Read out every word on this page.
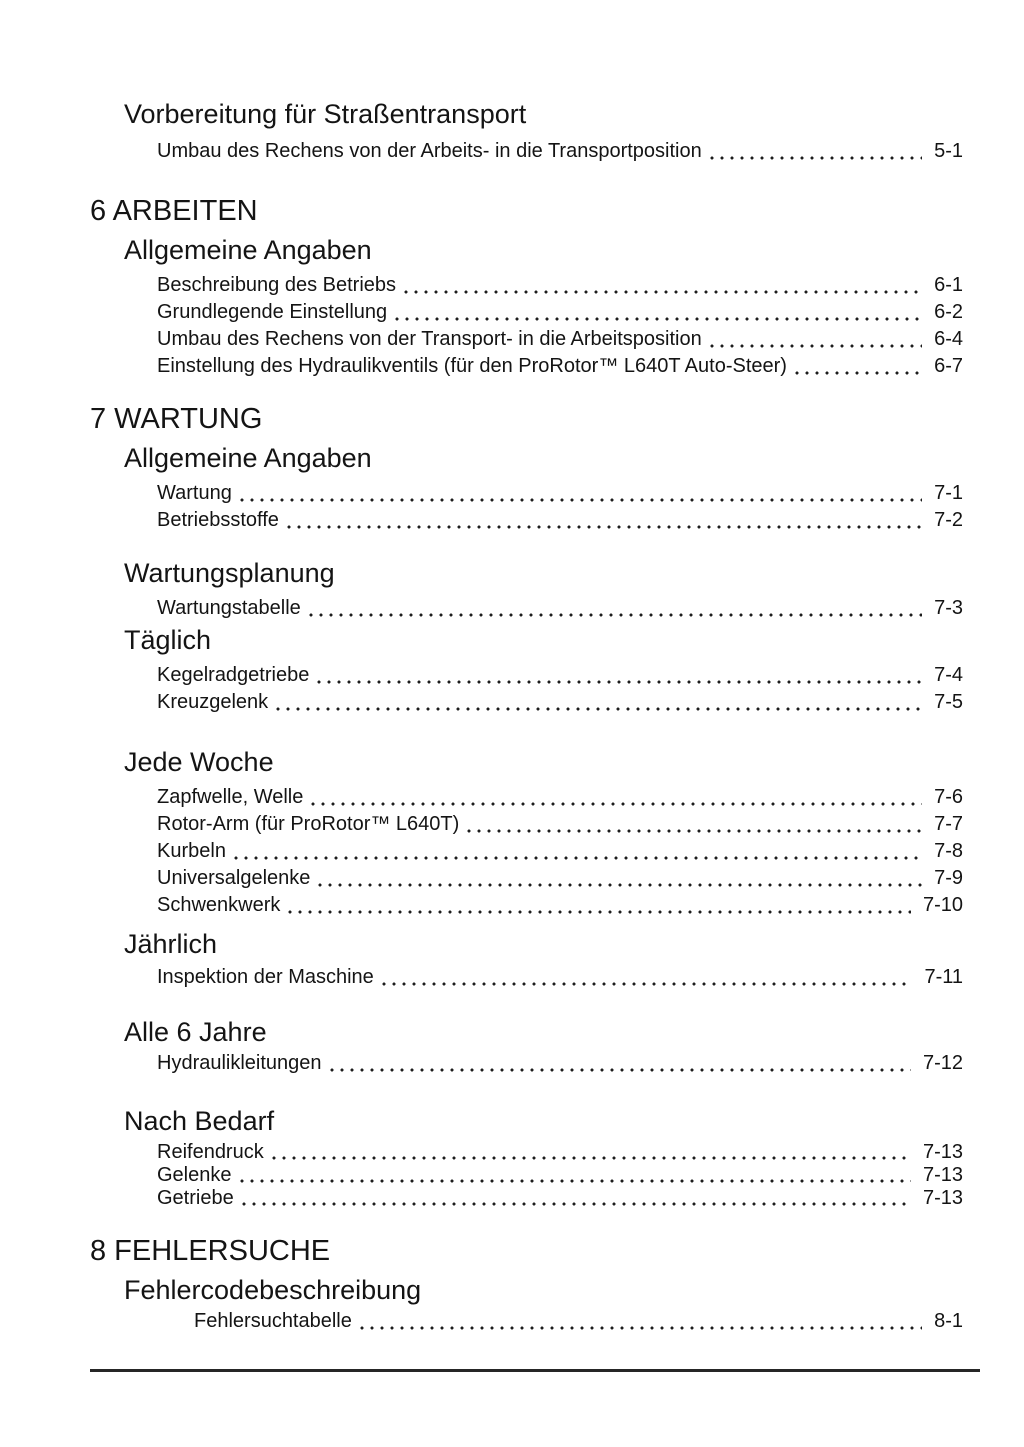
Vorbereitung für Straßentransport
Umbau des Rechens von der Arbeits- in die Transportposition	5-1
6 ARBEITEN
Allgemeine Angaben
Beschreibung des Betriebs	6-1
Grundlegende Einstellung	6-2
Umbau des Rechens von der Transport- in die Arbeitsposition	6-4
Einstellung des Hydraulikventils (für den ProRotor™ L640T Auto-Steer)	6-7
7 WARTUNG
Allgemeine Angaben
Wartung	7-1
Betriebsstoffe	7-2
Wartungsplanung
Wartungstabelle	7-3
Täglich
Kegelradgetriebe	7-4
Kreuzgelenk	7-5
Jede Woche
Zapfwelle, Welle	7-6
Rotor-Arm (für ProRotor™ L640T)	7-7
Kurbeln	7-8
Universalgelenke	7-9
Schwenkwerk	7-10
Jährlich
Inspektion der Maschine	7-11
Alle 6 Jahre
Hydraulikleitungen	7-12
Nach Bedarf
Reifendruck	7-13
Gelenke	7-13
Getriebe	7-13
8 FEHLERSUCHE
Fehlercodebeschreibung
Fehlersuchtabelle	8-1
